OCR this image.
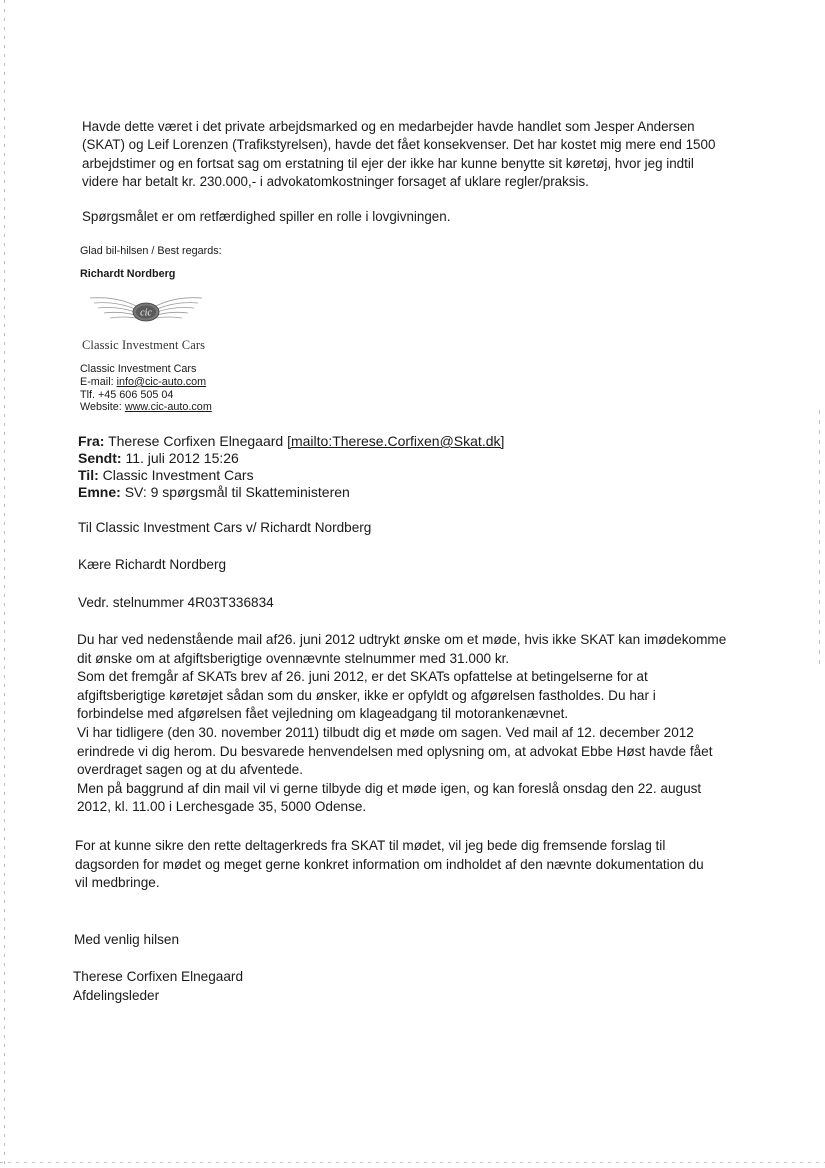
Havde dette været i det private arbejdsmarked og en medarbejder havde handlet som Jesper Andersen
(SKAT) og Leif Lorenzen (Trafikstyrelsen), havde det fået konsekvenser. Det har kostet mig mere end 1500
arbejdstimer og en fortsat sag om erstatning til ejer der ikke har kunne benytte sit køretøj, hvor jeg indtil
videre har betalt kr. 230.000,- i advokatomkostninger forsaget af uklare regler/praksis.

Spørgsmålet er om retfærdighed spiller en rolle i lovgivningen.

Glad bil-hilsen / Best regards:

Richardt Nordberg

cic

Classic Investment Cars

Classic Investment Cars
E-mail: info@cic-auto.com
Tlf. +45 606 505 04
Website: www.cic-auto.com
Fra: Therese Corfixen Elnegaard [mailto:Therese.Corfixen@Skat.dk]
Sendt: 11. juli 2012 15:26
Til: Classic Investment Cars
Emne: SV: 9 spørgsmål til Skatteministeren

Til Classic Investment Cars v/ Richardt Nordberg

Kære Richardt Nordberg

Vedr. stelnummer 4R03T336834

Du har ved nedenstående mail af26. juni 2012 udtrykt ønske om et møde, hvis ikke SKAT kan imødekomme
dit ønske om at afgiftsberigtige ovennævnte stelnummer med 31.000 kr.
Som det fremgår af SKATs brev af 26. juni 2012, er det SKATs opfattelse at betingelserne for at
afgiftsberigtige køretøjet sådan som du ønsker, ikke er opfyldt og afgørelsen fastholdes. Du har i
forbindelse med afgørelsen fået vejledning om klageadgang til motorankenævnet.
Vi har tidligere (den 30. november 2011) tilbudt dig et møde om sagen. Ved mail af 12. december 2012
erindrede vi dig herom. Du besvarede henvendelsen med oplysning om, at advokat Ebbe Høst havde fået
overdraget sagen og at du afventede.
Men på baggrund af din mail vil vi gerne tilbyde dig et møde igen, og kan foreslå onsdag den 22. august
2012, kl. 11.00 i Lerchesgade 35, 5000 Odense.

For at kunne sikre den rette deltagerkreds fra SKAT til mødet, vil jeg bede dig fremsende forslag til
dagsorden for mødet og meget gerne konkret information om indholdet af den nævnte dokumentation du
vil medbringe.

Med venlig hilsen

Therese Corfixen Elnegaard

Afdelingsleder
